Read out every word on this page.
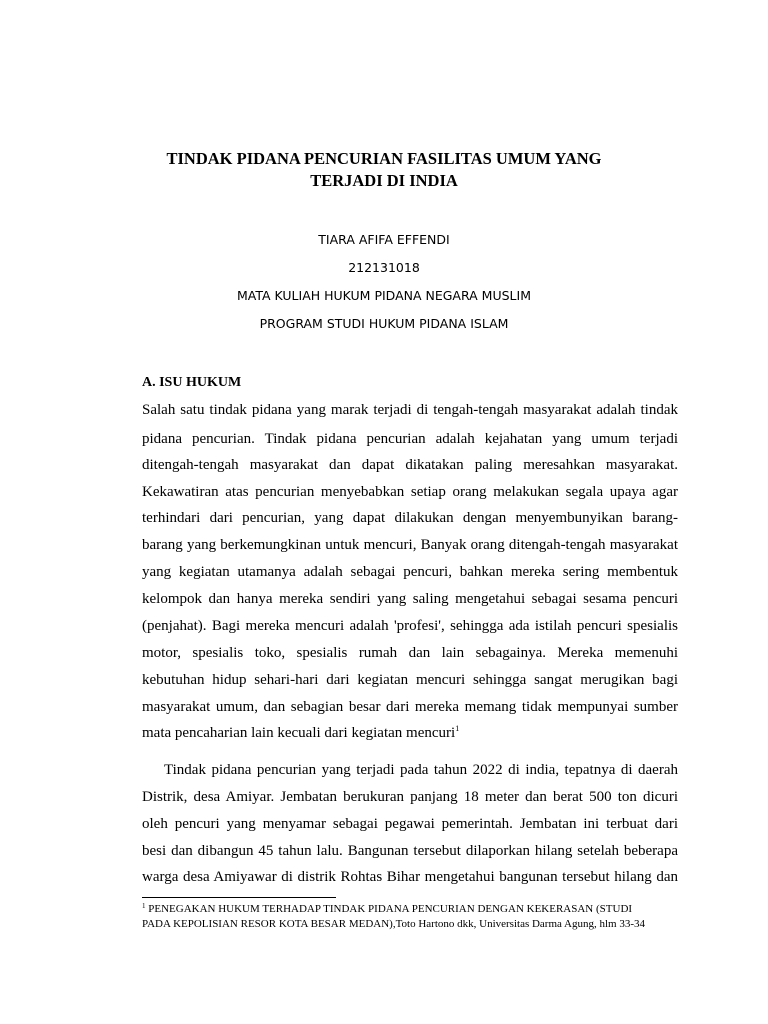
TINDAK PIDANA PENCURIAN FASILITAS UMUM YANG
TERJADI DI INDIA
TIARA AFIFA EFFENDI
212131018
MATA KULIAH HUKUM PIDANA NEGARA MUSLIM
PROGRAM STUDI HUKUM PIDANA ISLAM
A. ISU HUKUM
Salah satu tindak pidana yang marak terjadi di tengah-tengah masyarakat adalah tindak
pidana pencurian. Tindak pidana pencurian adalah kejahatan yang umum terjadi
ditengah-tengah masyarakat dan dapat dikatakan paling meresahkan masyarakat.
Kekawatiran atas pencurian menyebabkan setiap orang melakukan segala upaya agar
terhindari dari pencurian, yang dapat dilakukan dengan menyembunyikan barang-
barang yang berkemungkinan untuk mencuri, Banyak orang ditengah-tengah masyarakat
yang kegiatan utamanya adalah sebagai pencuri, bahkan mereka sering membentuk
kelompok dan hanya mereka sendiri yang saling mengetahui sebagai sesama pencuri
(penjahat). Bagi mereka mencuri adalah 'profesi', sehingga ada istilah pencuri spesialis
motor, spesialis toko, spesialis rumah dan lain sebagainya. Mereka memenuhi
kebutuhan hidup sehari-hari dari kegiatan mencuri sehingga sangat merugikan bagi
masyarakat umum, dan sebagian besar dari mereka memang tidak mempunyai sumber
mata pencaharian lain kecuali dari kegiatan mencuri$^1$
Tindak pidana pencurian yang terjadi pada tahun 2022 di india, tepatnya di daerah
Distrik, desa Amiyar. Jembatan berukuran panjang 18 meter dan berat 500 ton dicuri
oleh pencuri yang menyamar sebagai pegawai pemerintah. Jembatan ini terbuat dari
besi dan dibangun 45 tahun lalu. Bangunan tersebut dilaporkan hilang setelah beberapa
warga desa Amiyawar di distrik Rohtas Bihar mengetahui bangunan tersebut hilang dan
$^1$ PENEGAKAN HUKUM TERHADAP TINDAK PIDANA PENCURIAN DENGAN KEKERASAN (STUDI
PADA KEPOLISIAN RESOR KOTA BESAR MEDAN),Toto Hartono dkk, Universitas Darma Agung, hlm 33-34
